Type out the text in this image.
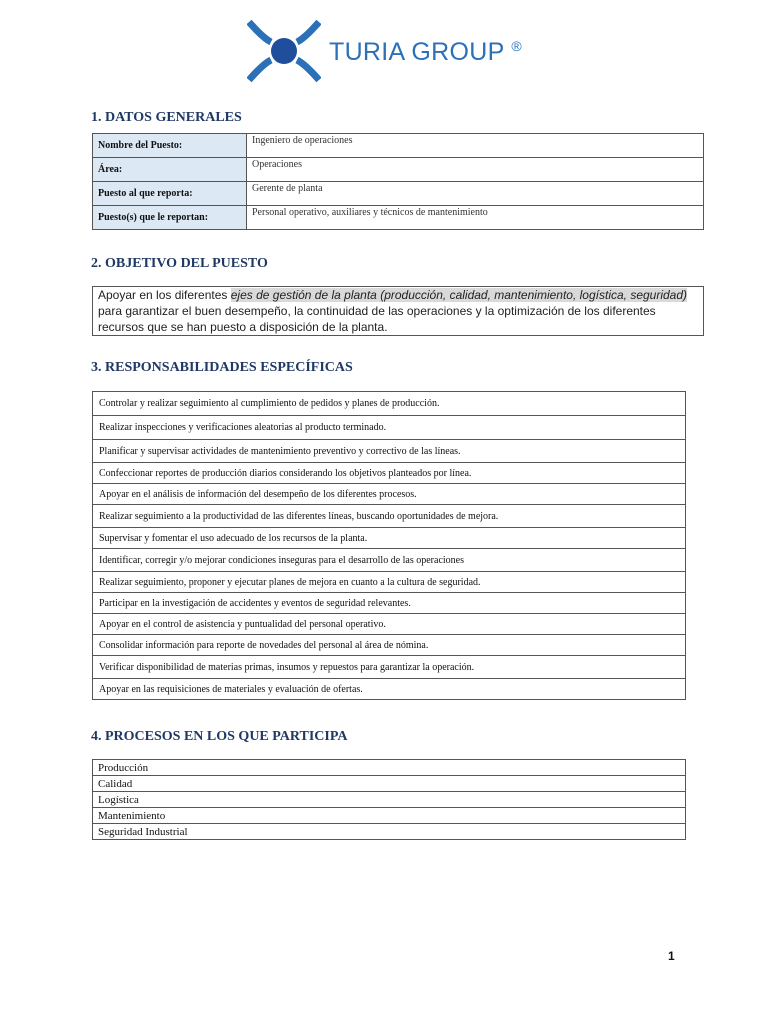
TURIA GROUP ®
1. DATOS GENERALES
Nombre del Puesto:	Ingeniero de operaciones
Área:	Operaciones
Puesto al que reporta:	Gerente de planta
Puesto(s) que le reportan:	Personal operativo, auxiliares y técnicos de mantenimiento
2. OBJETIVO DEL PUESTO
Apoyar en los diferentes ejes de gestión de la planta (producción, calidad, mantenimiento, logística, seguridad) para garantizar el buen desempeño, la continuidad de las operaciones y la optimización de los diferentes recursos que se han puesto a disposición de la planta.
3. RESPONSABILIDADES ESPECÍFICAS
Controlar y realizar seguimiento al cumplimiento de pedidos y planes de producción.
Realizar inspecciones y verificaciones aleatorias al producto terminado.
Planificar y supervisar actividades de mantenimiento preventivo y correctivo de las líneas.
Confeccionar reportes de producción diarios considerando los objetivos planteados por línea.
Apoyar en el análisis de información del desempeño de los diferentes procesos.
Realizar seguimiento a la productividad de las diferentes líneas, buscando oportunidades de mejora.
Supervisar y fomentar el uso adecuado de los recursos de la planta.
Identificar, corregir y/o mejorar condiciones inseguras para el desarrollo de las operaciones
Realizar seguimiento, proponer y ejecutar planes de mejora en cuanto a la cultura de seguridad.
Participar en la investigación de accidentes y eventos de seguridad relevantes.
Apoyar en el control de asistencia y puntualidad del personal operativo.
Consolidar información para reporte de novedades del personal al área de nómina.
Verificar disponibilidad de materias primas, insumos y repuestos para garantizar la operación.
Apoyar en las requisiciones de materiales y evaluación de ofertas.
4. PROCESOS EN LOS QUE PARTICIPA
Producción
Calidad
Logística
Mantenimiento
Seguridad Industrial
1
